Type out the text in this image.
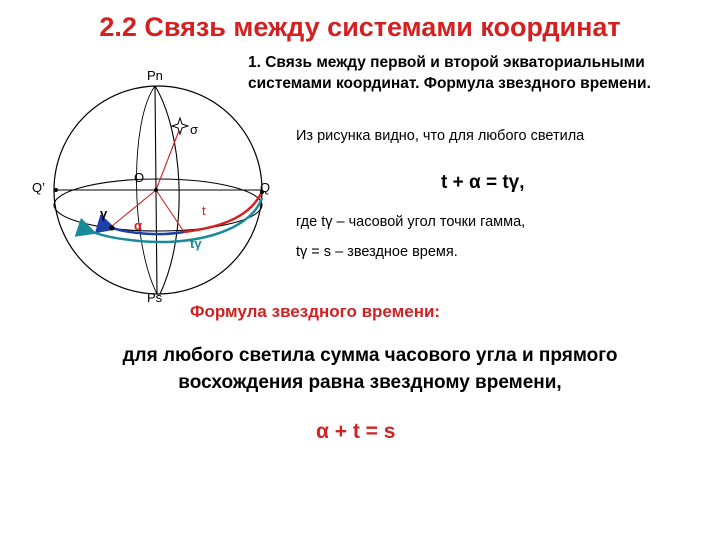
2.2 Связь между системами координат
1. Связь между первой и второй экваториальными системами координат. Формула звездного времени.
Из рисунка видно, что для любого светила
t + α = tγ,
где tγ – часовой угол точки гамма,
tγ = s – звездное время.
Формула звездного времени:
для любого светила сумма часового угла и прямого
восхождения равна звездному времени,
α + t = s
Pn
Ps
O
Q
Q’
σ
γ
α
t
tγ
